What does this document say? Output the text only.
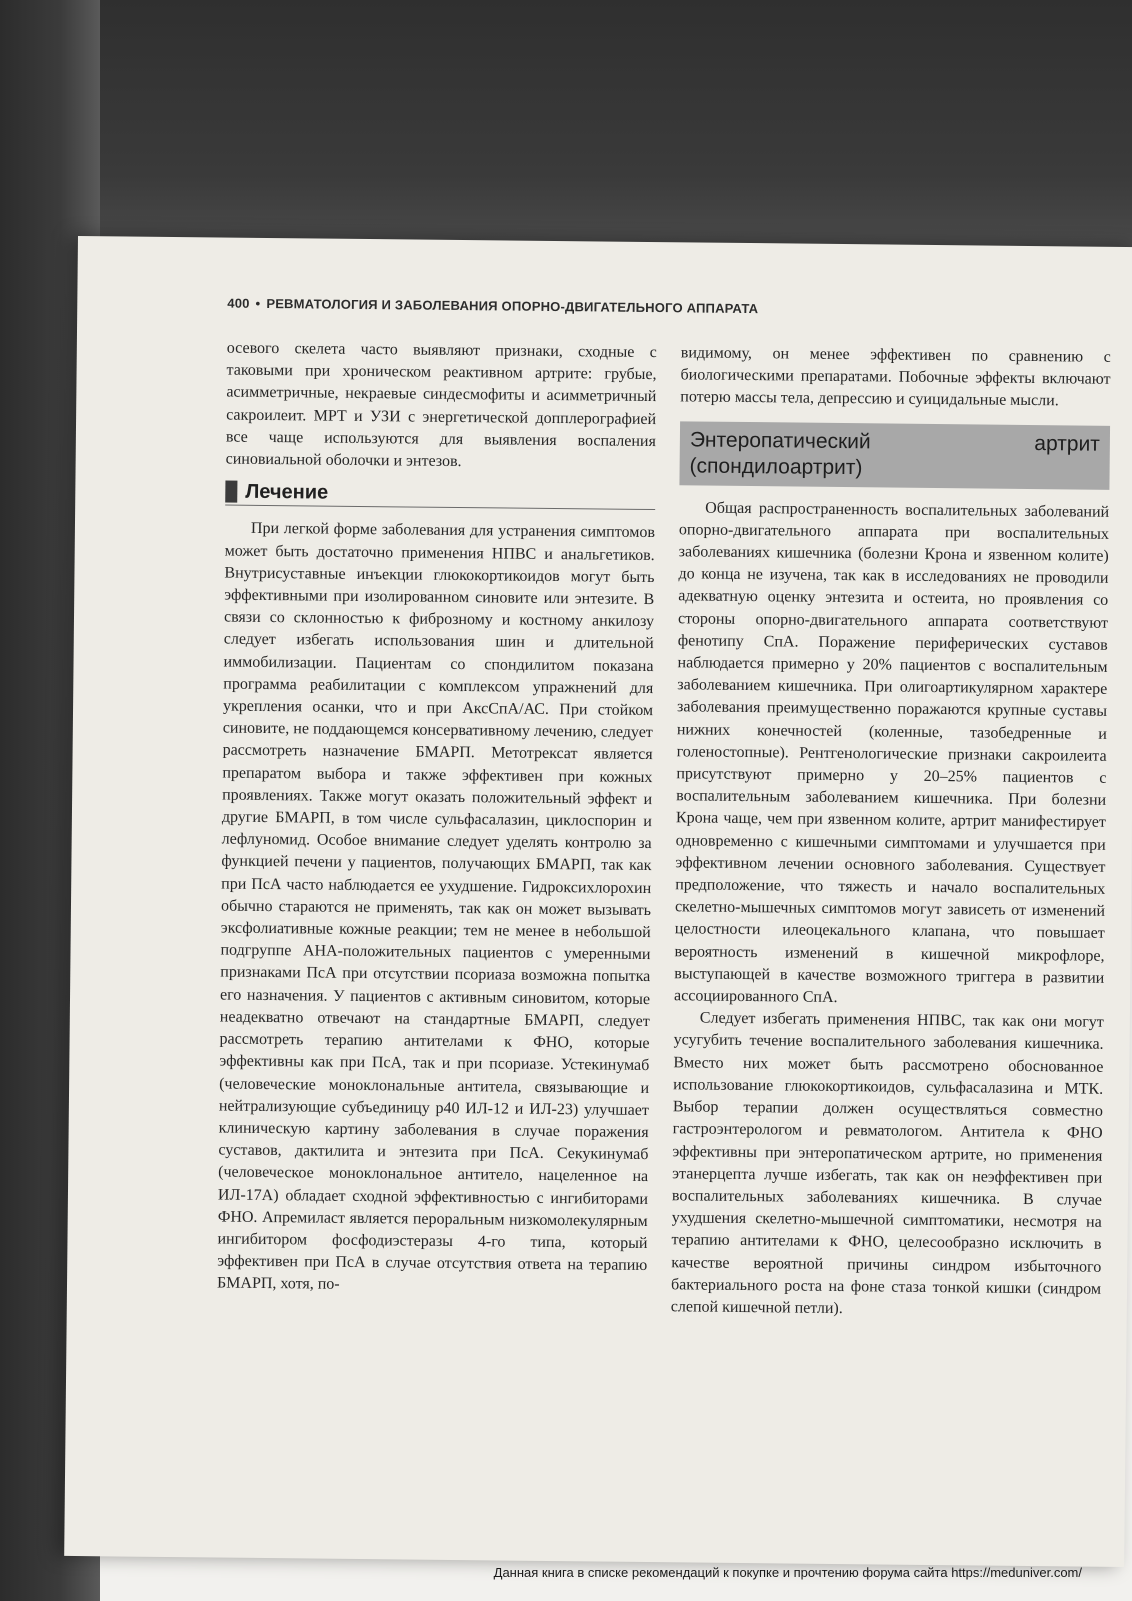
400 • РЕВМАТОЛОГИЯ И ЗАБОЛЕВАНИЯ ОПОРНО-ДВИГАТЕЛЬНОГО АППАРАТА

осевого скелета часто выявляют признаки, сходные с таковыми при хроническом реактивном артрите: грубые, асимметричные, некраевые синдесмофиты и асимметричный сакроилеит. МРТ и УЗИ с энергетической допплерографией все чаще используются для выявления воспаления синовиальной оболочки и энтезов.

Лечение

При легкой форме заболевания для устранения симптомов может быть достаточно применения НПВС и анальгетиков. Внутрисуставные инъекции глюкокортикоидов могут быть эффективными при изолированном синовите или энтезите. В связи со склонностью к фиброзному и костному анкилозу следует избегать использования шин и длительной иммобилизации. Пациентам со спондилитом показана программа реабилитации с комплексом упражнений для укрепления осанки, что и при АксСпА/АС. При стойком синовите, не поддающемся консервативному лечению, следует рассмотреть назначение БМАРП. Метотрексат является препаратом выбора и также эффективен при кожных проявлениях. Также могут оказать положительный эффект и другие БМАРП, в том числе сульфасалазин, циклоспорин и лефлуномид. Особое внимание следует уделять контролю за функцией печени у пациентов, получающих БМАРП, так как при ПсА часто наблюдается ее ухудшение. Гидроксихлорохин обычно стараются не применять, так как он может вызывать эксфолиативные кожные реакции; тем не менее в небольшой подгруппе АНА-положительных пациентов с умеренными признаками ПсА при отсутствии псориаза возможна попытка его назначения. У пациентов с активным синовитом, которые неадекватно отвечают на стандартные БМАРП, следует рассмотреть терапию антителами к ФНО, которые эффективны как при ПсА, так и при псориазе. Устекинумаб (человеческие моноклональные антитела, связывающие и нейтрализующие субъединицу p40 ИЛ-12 и ИЛ-23) улучшает клиническую картину заболевания в случае поражения суставов, дактилита и энтезита при ПсА. Секукинумаб (человеческое моноклональное антитело, нацеленное на ИЛ-17А) обладает сходной эффективностью с ингибиторами ФНО. Апремиласт является пероральным низкомолекулярным ингибитором фосфодиэстеразы 4-го типа, который эффективен при ПсА в случае отсутствия ответа на терапию БМАРП, хотя, по-

видимому, он менее эффективен по сравнению с биологическими препаратами. Побочные эффекты включают потерю массы тела, депрессию и суицидальные мысли.

Энтеропатический артрит (спондилоартрит)

Общая распространенность воспалительных заболеваний опорно-двигательного аппарата при воспалительных заболеваниях кишечника (болезни Крона и язвенном колите) до конца не изучена, так как в исследованиях не проводили адекватную оценку энтезита и остеита, но проявления со стороны опорно-двигательного аппарата соответствуют фенотипу СпА. Поражение периферических суставов наблюдается примерно у 20% пациентов с воспалительным заболеванием кишечника. При олигоартикулярном характере заболевания преимущественно поражаются крупные суставы нижних конечностей (коленные, тазобедренные и голеностопные). Рентгенологические признаки сакроилеита присутствуют примерно у 20–25% пациентов с воспалительным заболеванием кишечника. При болезни Крона чаще, чем при язвенном колите, артрит манифестирует одновременно с кишечными симптомами и улучшается при эффективном лечении основного заболевания. Существует предположение, что тяжесть и начало воспалительных скелетно-мышечных симптомов могут зависеть от изменений целостности илеоцекального клапана, что повышает вероятность изменений в кишечной микрофлоре, выступающей в качестве возможного триггера в развитии ассоциированного СпА.

Следует избегать применения НПВС, так как они могут усугубить течение воспалительного заболевания кишечника. Вместо них может быть рассмотрено обоснованное использование глюкокортикоидов, сульфасалазина и МТК. Выбор терапии должен осуществляться совместно гастроэнтерологом и ревматологом. Антитела к ФНО эффективны при энтеропатическом артрите, но применения этанерцепта лучше избегать, так как он неэффективен при воспалительных заболеваниях кишечника. В случае ухудшения скелетно-мышечной симптоматики, несмотря на терапию антителами к ФНО, целесообразно исключить в качестве вероятной причины синдром избыточного бактериального роста на фоне стаза тонкой кишки (синдром слепой кишечной петли).

Данная книга в списке рекомендаций к покупке и прочтению форума сайта https://meduniver.com/
